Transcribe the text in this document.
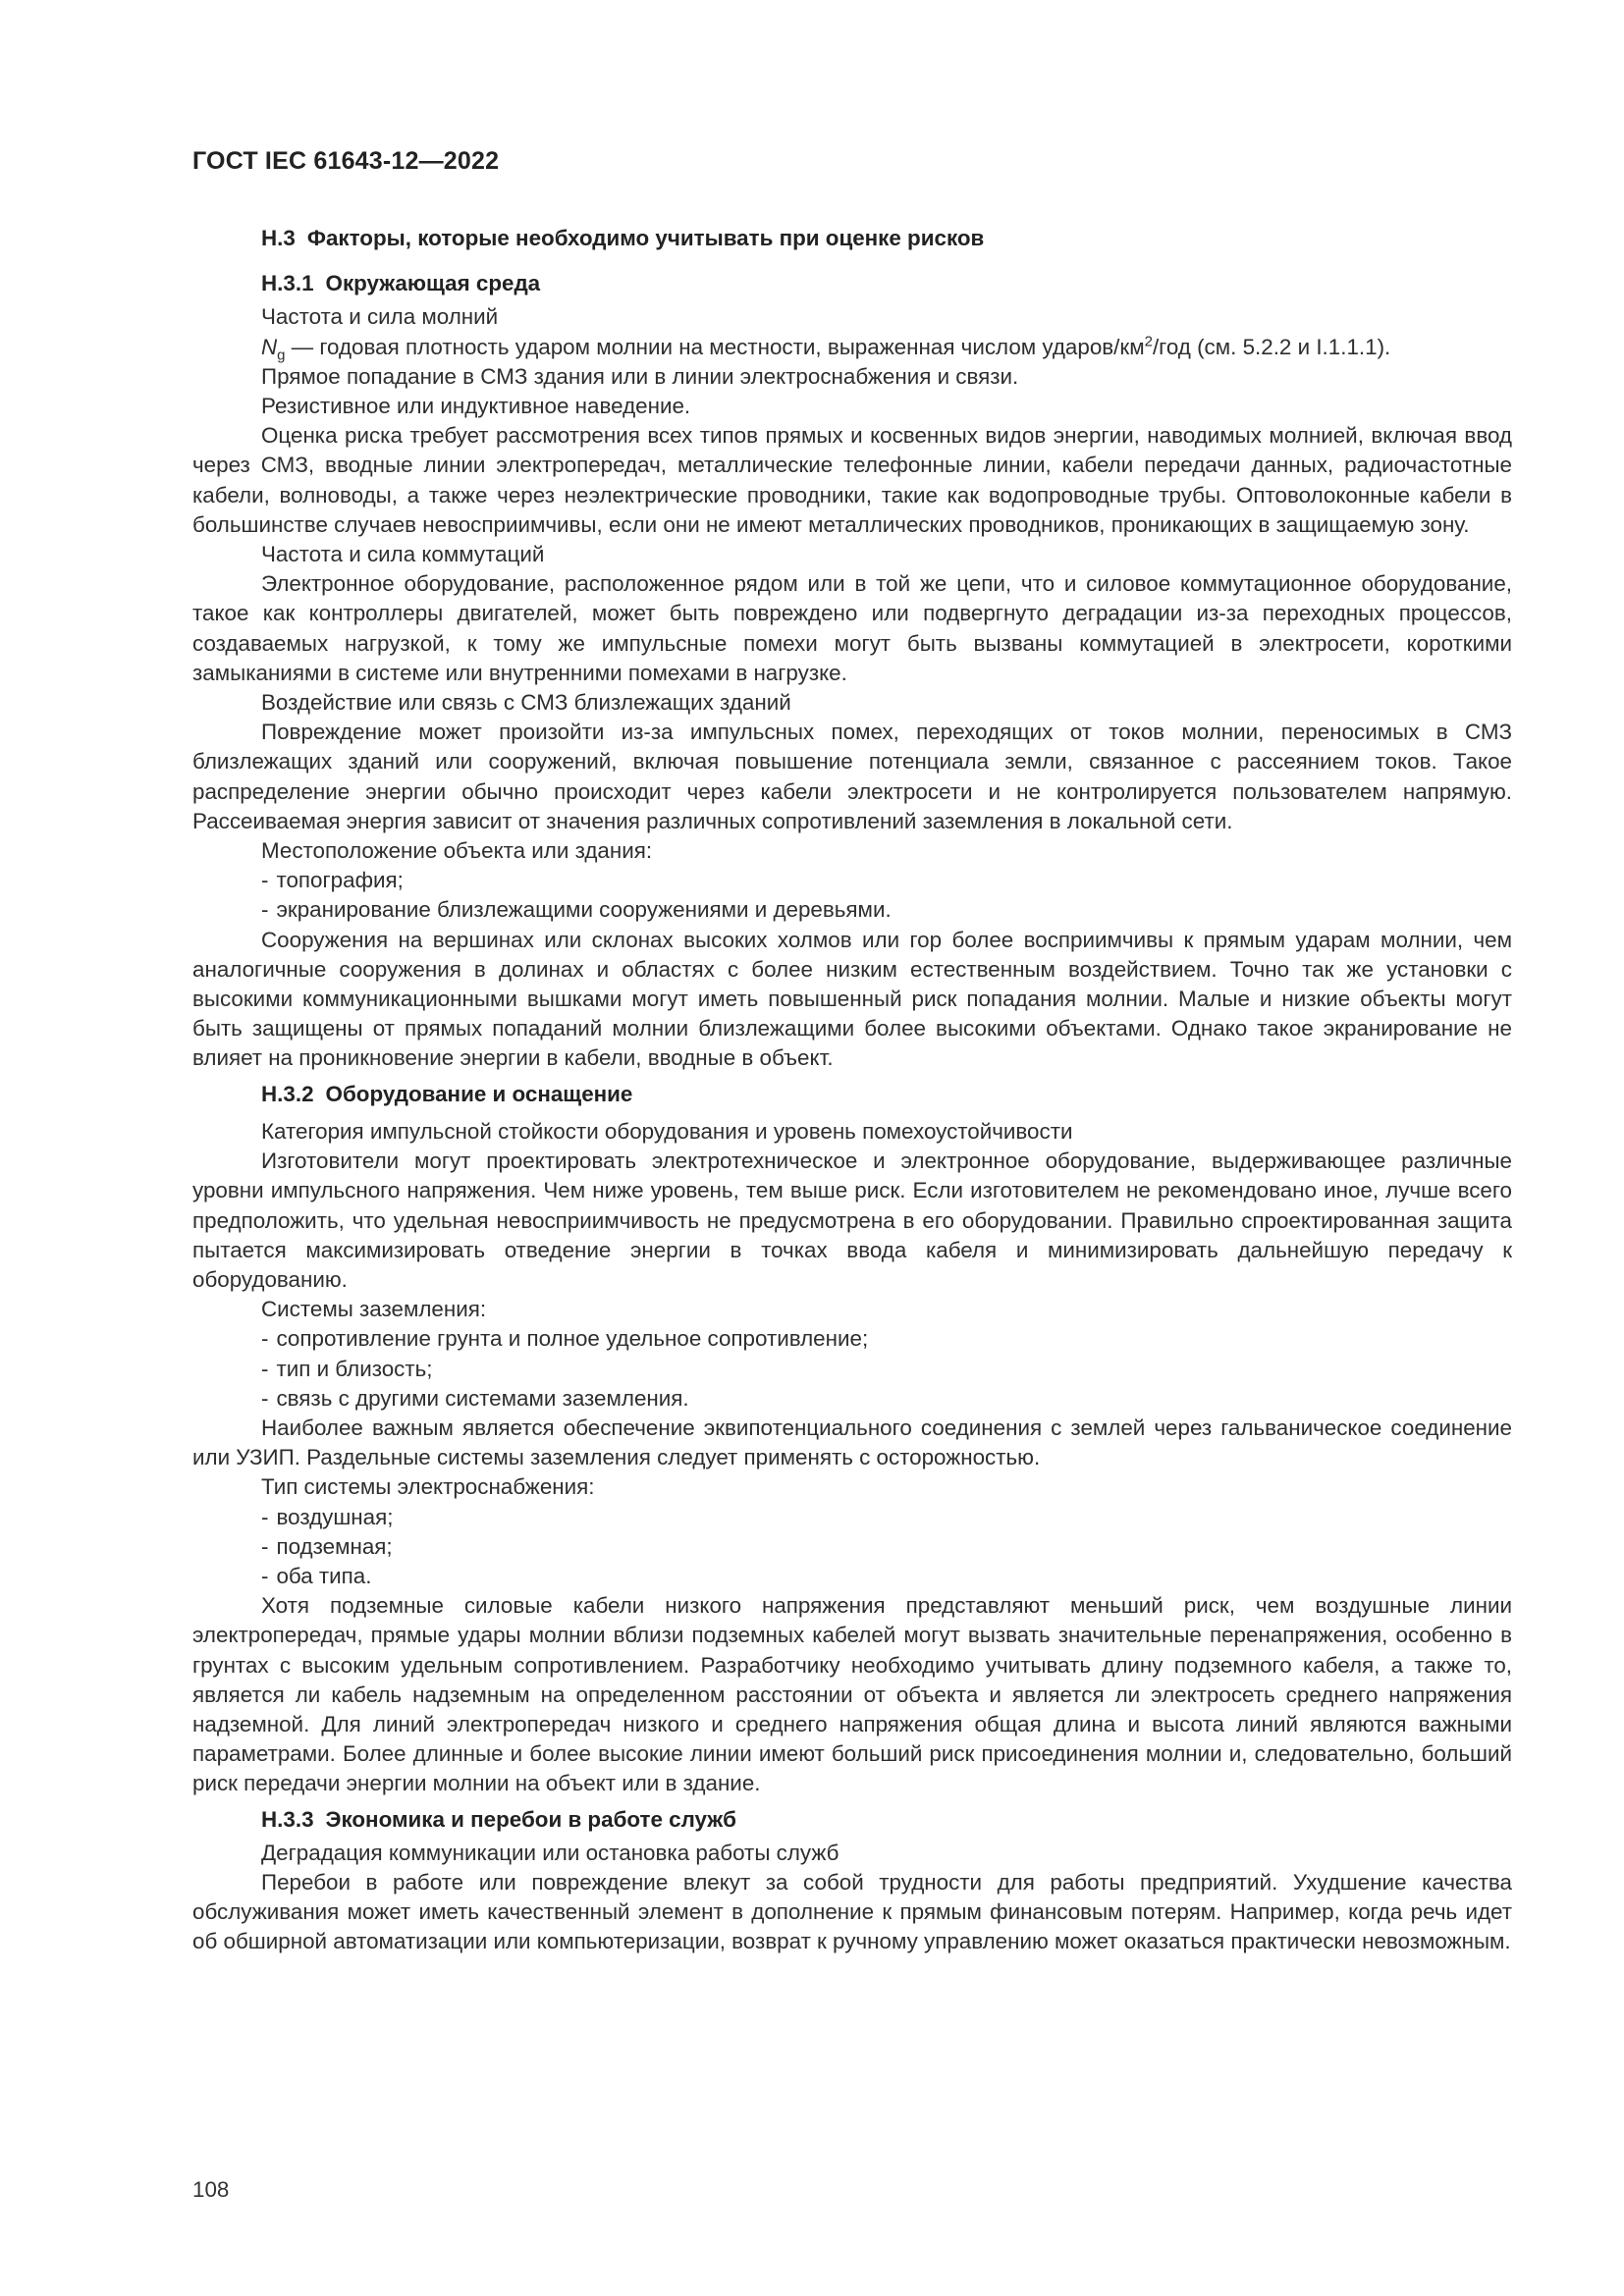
ГОСТ IEC 61643-12—2022
H.3 Факторы, которые необходимо учитывать при оценке рисков
H.3.1 Окружающая среда
Частота и сила молний
$N_g$ — годовая плотность ударом молнии на местности, выраженная числом ударов/$км^2$/год (см. 5.2.2 и I.1.1.1).
Прямое попадание в СМЗ здания или в линии электроснабжения и связи.
Резистивное или индуктивное наведение.

Оценка риска требует рассмотрения всех типов прямых и косвенных видов энергии, наводимых молнией, включая ввод через СМЗ, вводные линии электропередач, металлические телефонные линии, кабели передачи данных, радиочастотные кабели, волноводы, а также через неэлектрические проводники, такие как водопроводные трубы. Оптоволоконные кабели в большинстве случаев невосприимчивы, если они не имеют металлических проводников, проникающих в защищаемую зону.

Частота и сила коммутаций

Электронное оборудование, расположенное рядом или в той же цепи, что и силовое коммутационное оборудование, такое как контроллеры двигателей, может быть повреждено или подвергнуто деградации из-за переходных процессов, создаваемых нагрузкой, к тому же импульсные помехи могут быть вызваны коммутацией в электросети, короткими замыканиями в системе или внутренними помехами в нагрузке.

Воздействие или связь с СМЗ близлежащих зданий

Повреждение может произойти из-за импульсных помех, переходящих от токов молнии, переносимых в СМЗ близлежащих зданий или сооружений, включая повышение потенциала земли, связанное с рассеянием токов. Такое распределение энергии обычно происходит через кабели электросети и не контролируется пользователем напрямую. Рассеиваемая энергия зависит от значения различных сопротивлений заземления в локальной сети.

Местоположение объекта или здания:
- топография;
- экранирование близлежащими сооружениями и деревьями.

Сооружения на вершинах или склонах высоких холмов или гор более восприимчивы к прямым ударам молнии, чем аналогичные сооружения в долинах и областях с более низким естественным воздействием. Точно так же установки с высокими коммуникационными вышками могут иметь повышенный риск попадания молнии. Малые и низкие объекты могут быть защищены от прямых попаданий молнии близлежащими более высокими объектами. Однако такое экранирование не влияет на проникновение энергии в кабели, вводные в объект.

H.3.2 Оборудование и оснащение
Категория импульсной стойкости оборудования и уровень помехоустойчивости

Изготовители могут проектировать электротехническое и электронное оборудование, выдерживающее различные уровни импульсного напряжения. Чем ниже уровень, тем выше риск. Если изготовителем не рекомендовано иное, лучше всего предположить, что удельная невосприимчивость не предусмотрена в его оборудовании. Правильно спроектированная защита пытается максимизировать отведение энергии в точках ввода кабеля и минимизировать дальнейшую передачу к оборудованию.

Системы заземления:
- сопротивление грунта и полное удельное сопротивление;
- тип и близость;
- связь с другими системами заземления.

Наиболее важным является обеспечение эквипотенциального соединения с землей через гальваническое соединение или УЗИП. Раздельные системы заземления следует применять с осторожностью.

Тип системы электроснабжения:
- воздушная;
- подземная;
- оба типа.

Хотя подземные силовые кабели низкого напряжения представляют меньший риск, чем воздушные линии электропередач, прямые удары молнии вблизи подземных кабелей могут вызвать значительные перенапряжения, особенно в грунтах с высоким удельным сопротивлением. Разработчику необходимо учитывать длину подземного кабеля, а также то, является ли кабель надземным на определенном расстоянии от объекта и является ли электросеть среднего напряжения надземной. Для линий электропередач низкого и среднего напряжения общая длина и высота линий являются важными параметрами. Более длинные и более высокие линии имеют больший риск присоединения молнии и, следовательно, больший риск передачи энергии молнии на объект или в здание.

H.3.3 Экономика и перебои в работе служб
Деградация коммуникации или остановка работы служб

Перебои в работе или повреждение влекут за собой трудности для работы предприятий. Ухудшение качества обслуживания может иметь качественный элемент в дополнение к прямым финансовым потерям. Например, когда речь идет об обширной автоматизации или компьютеризации, возврат к ручному управлению может оказаться практически невозможным.

108
